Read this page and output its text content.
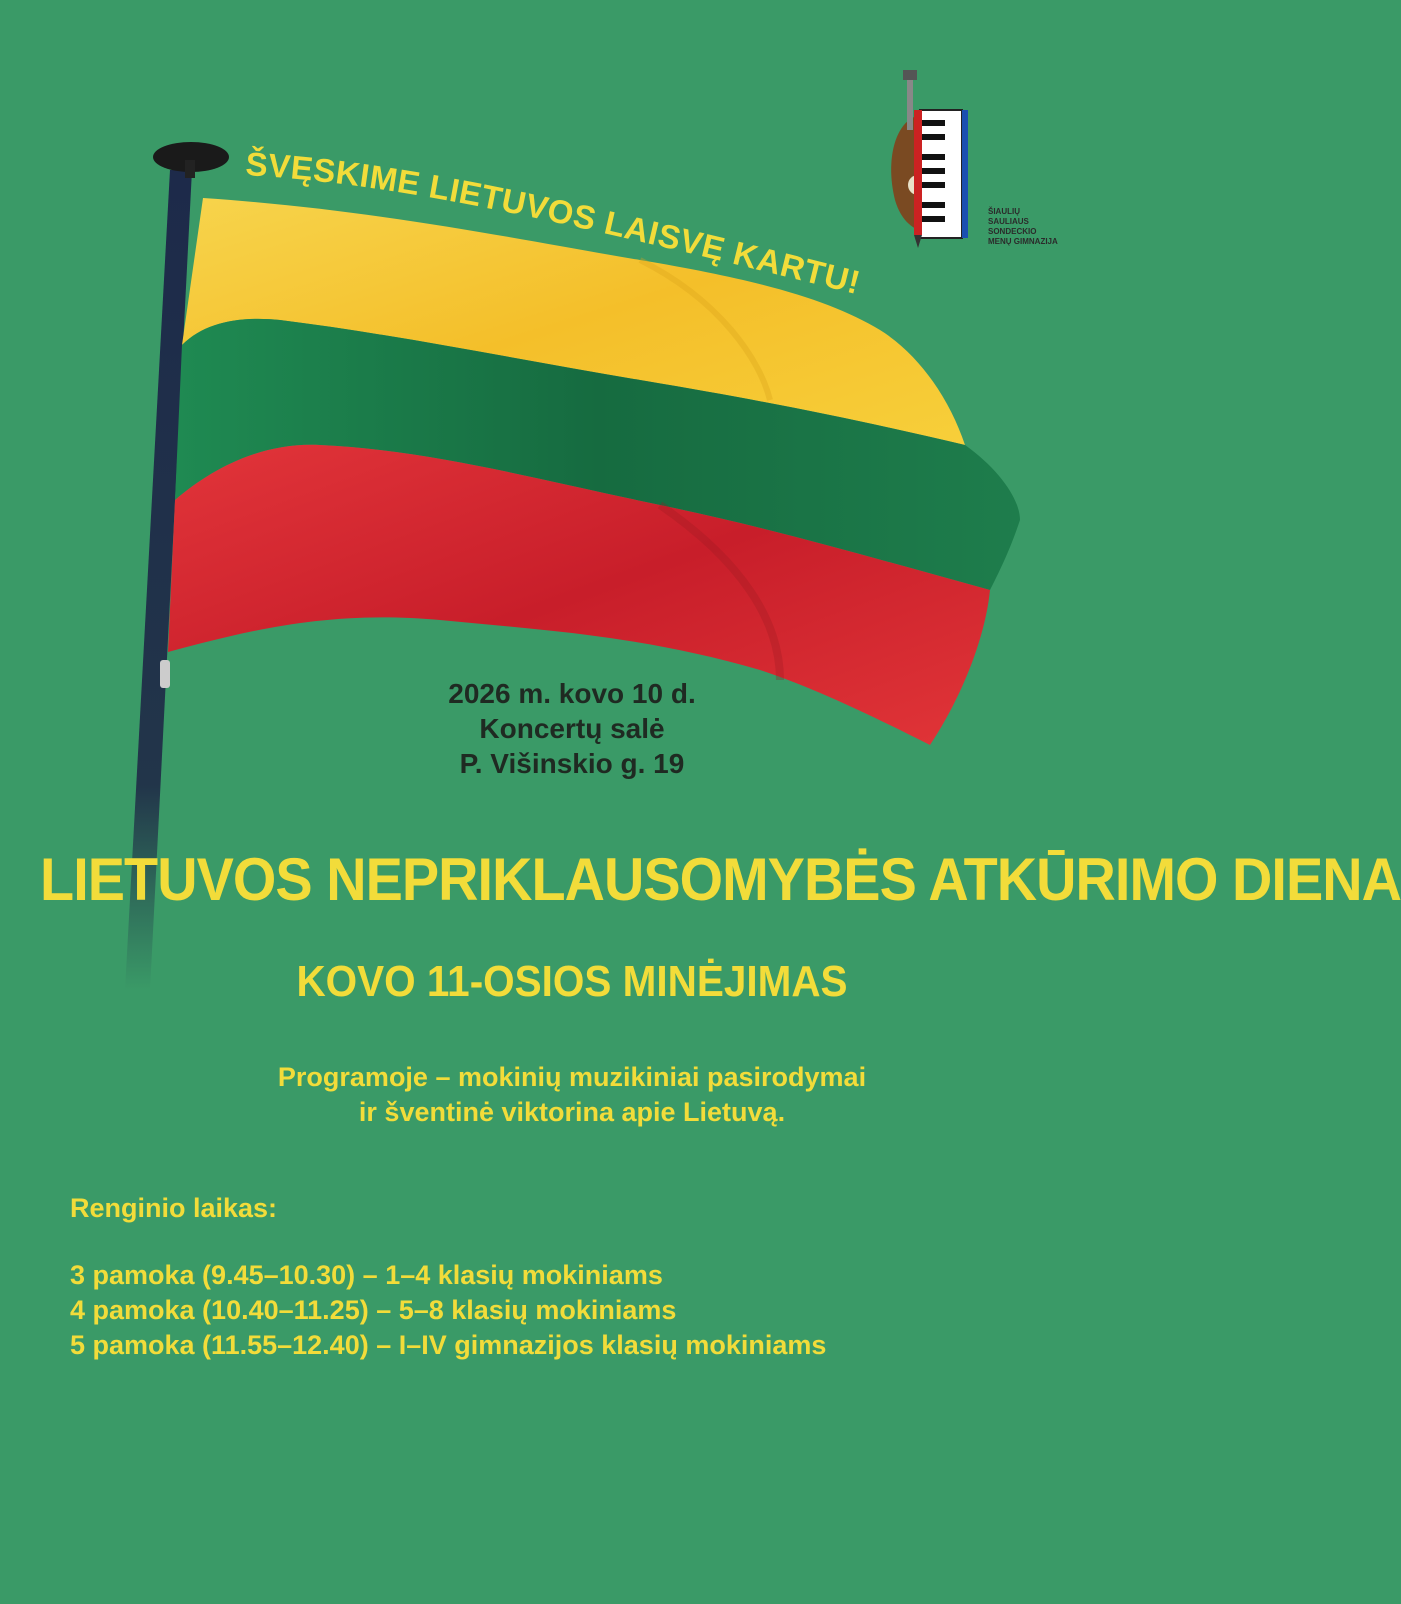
ŠVĘSKIME LIETUVOS LAISVĘ KARTU!
ŠIAULIŲ
SAULIAUS
SONDECKIO
MENŲ GIMNAZIJA
2026 m. kovo 10 d.
Koncertų salė
P. Višinskio g. 19
LIETUVOS NEPRIKLAUSOMYBĖS ATKŪRIMO DIENA
KOVO 11-OSIOS MINĖJIMAS
Programoje – mokinių muzikiniai pasirodymai
ir šventinė viktorina apie Lietuvą.
Renginio laikas:
3 pamoka (9.45–10.30) – 1–4 klasių mokiniams
4 pamoka (10.40–11.25) – 5–8 klasių mokiniams
5 pamoka (11.55–12.40) – I–IV gimnazijos klasių mokiniams
